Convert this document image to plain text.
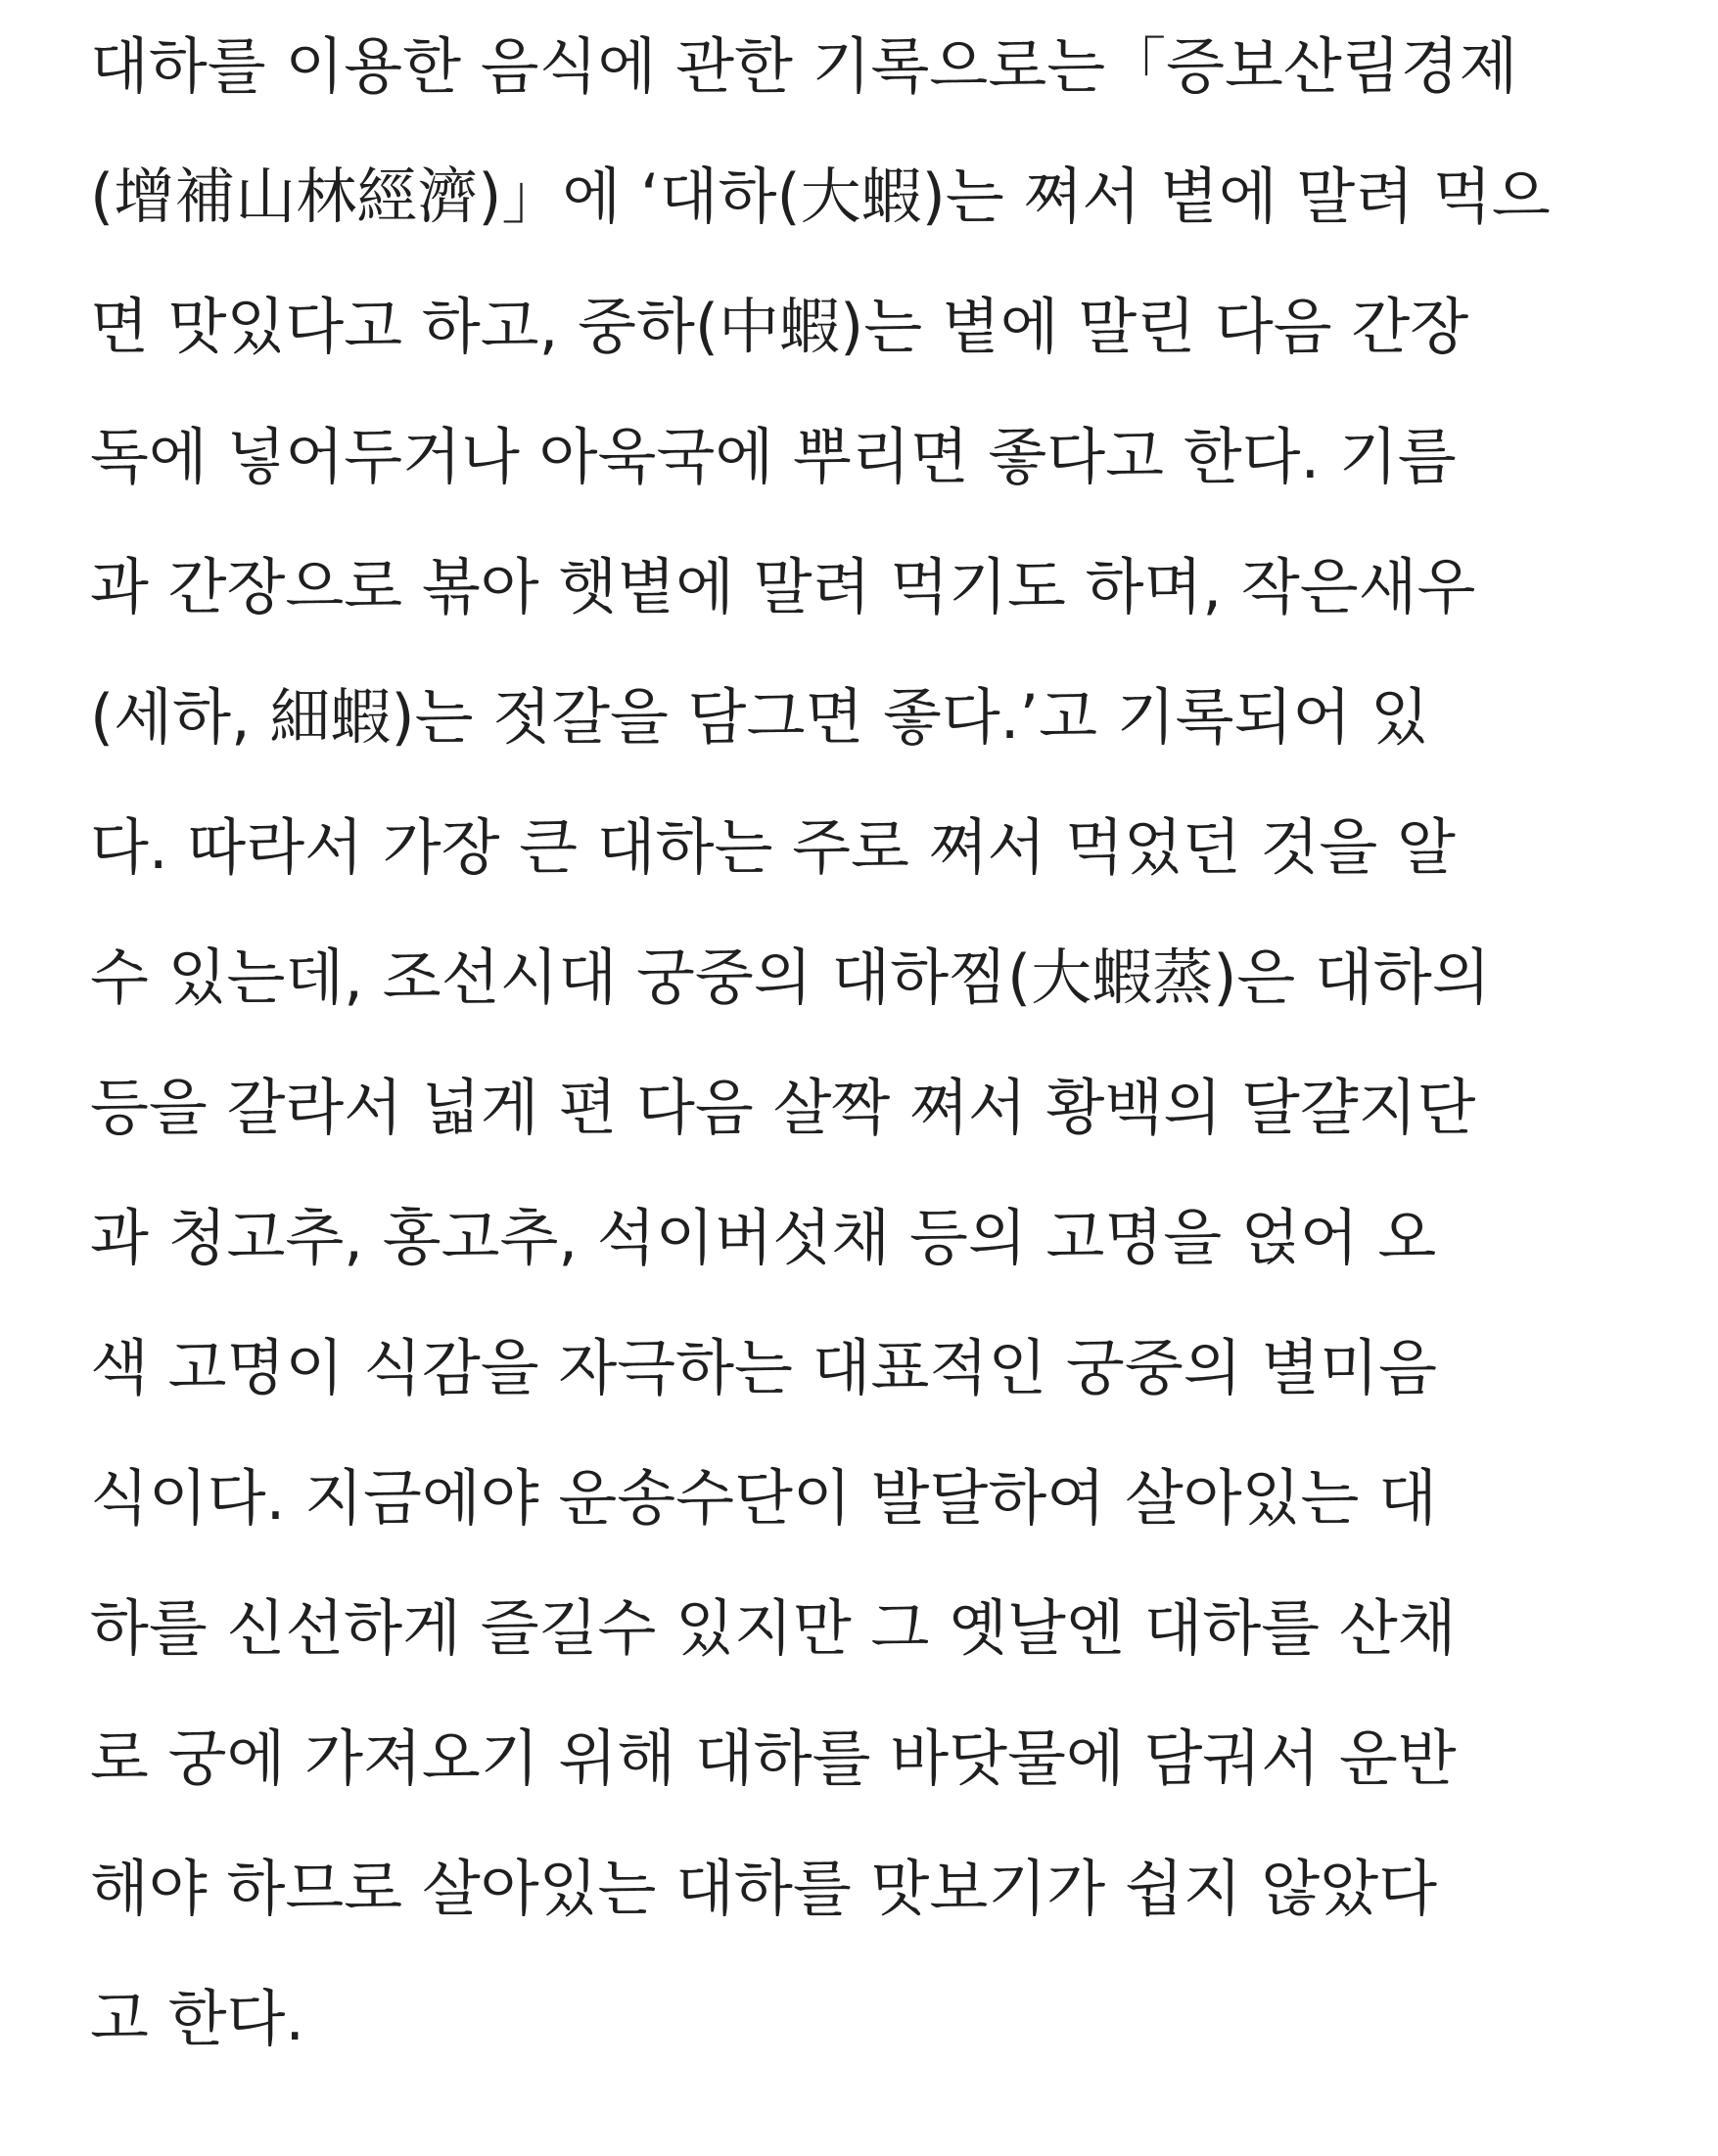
대하를 이용한 음식에 관한 기록으로는「증보산림경제

(增補山林經濟)」에 ‘대하(大蝦)는 쪄서 볕에 말려 먹으

면 맛있다고 하고, 중하(中蝦)는 볕에 말린 다음 간장

독에 넣어두거나 아욱국에 뿌리면 좋다고 한다. 기름

과 간장으로 볶아 햇볕에 말려 먹기도 하며, 작은새우

(세하, 細蝦)는 젓갈을 담그면 좋다.’고 기록되어 있

다. 따라서 가장 큰 대하는 주로 쪄서 먹었던 것을 알

수 있는데, 조선시대 궁중의 대하찜(大蝦蒸)은 대하의

등을 갈라서 넓게 편 다음 살짝 쪄서 황백의 달걀지단

과 청고추, 홍고추, 석이버섯채 등의 고명을 얹어 오

색 고명이 식감을 자극하는 대표적인 궁중의 별미음

식이다. 지금에야 운송수단이 발달하여 살아있는 대

하를 신선하게 즐길수 있지만 그 옛날엔 대하를 산채

로 궁에 가져오기 위해 대하를 바닷물에 담궈서 운반

해야 하므로 살아있는 대하를 맛보기가 쉽지 않았다

고 한다.
